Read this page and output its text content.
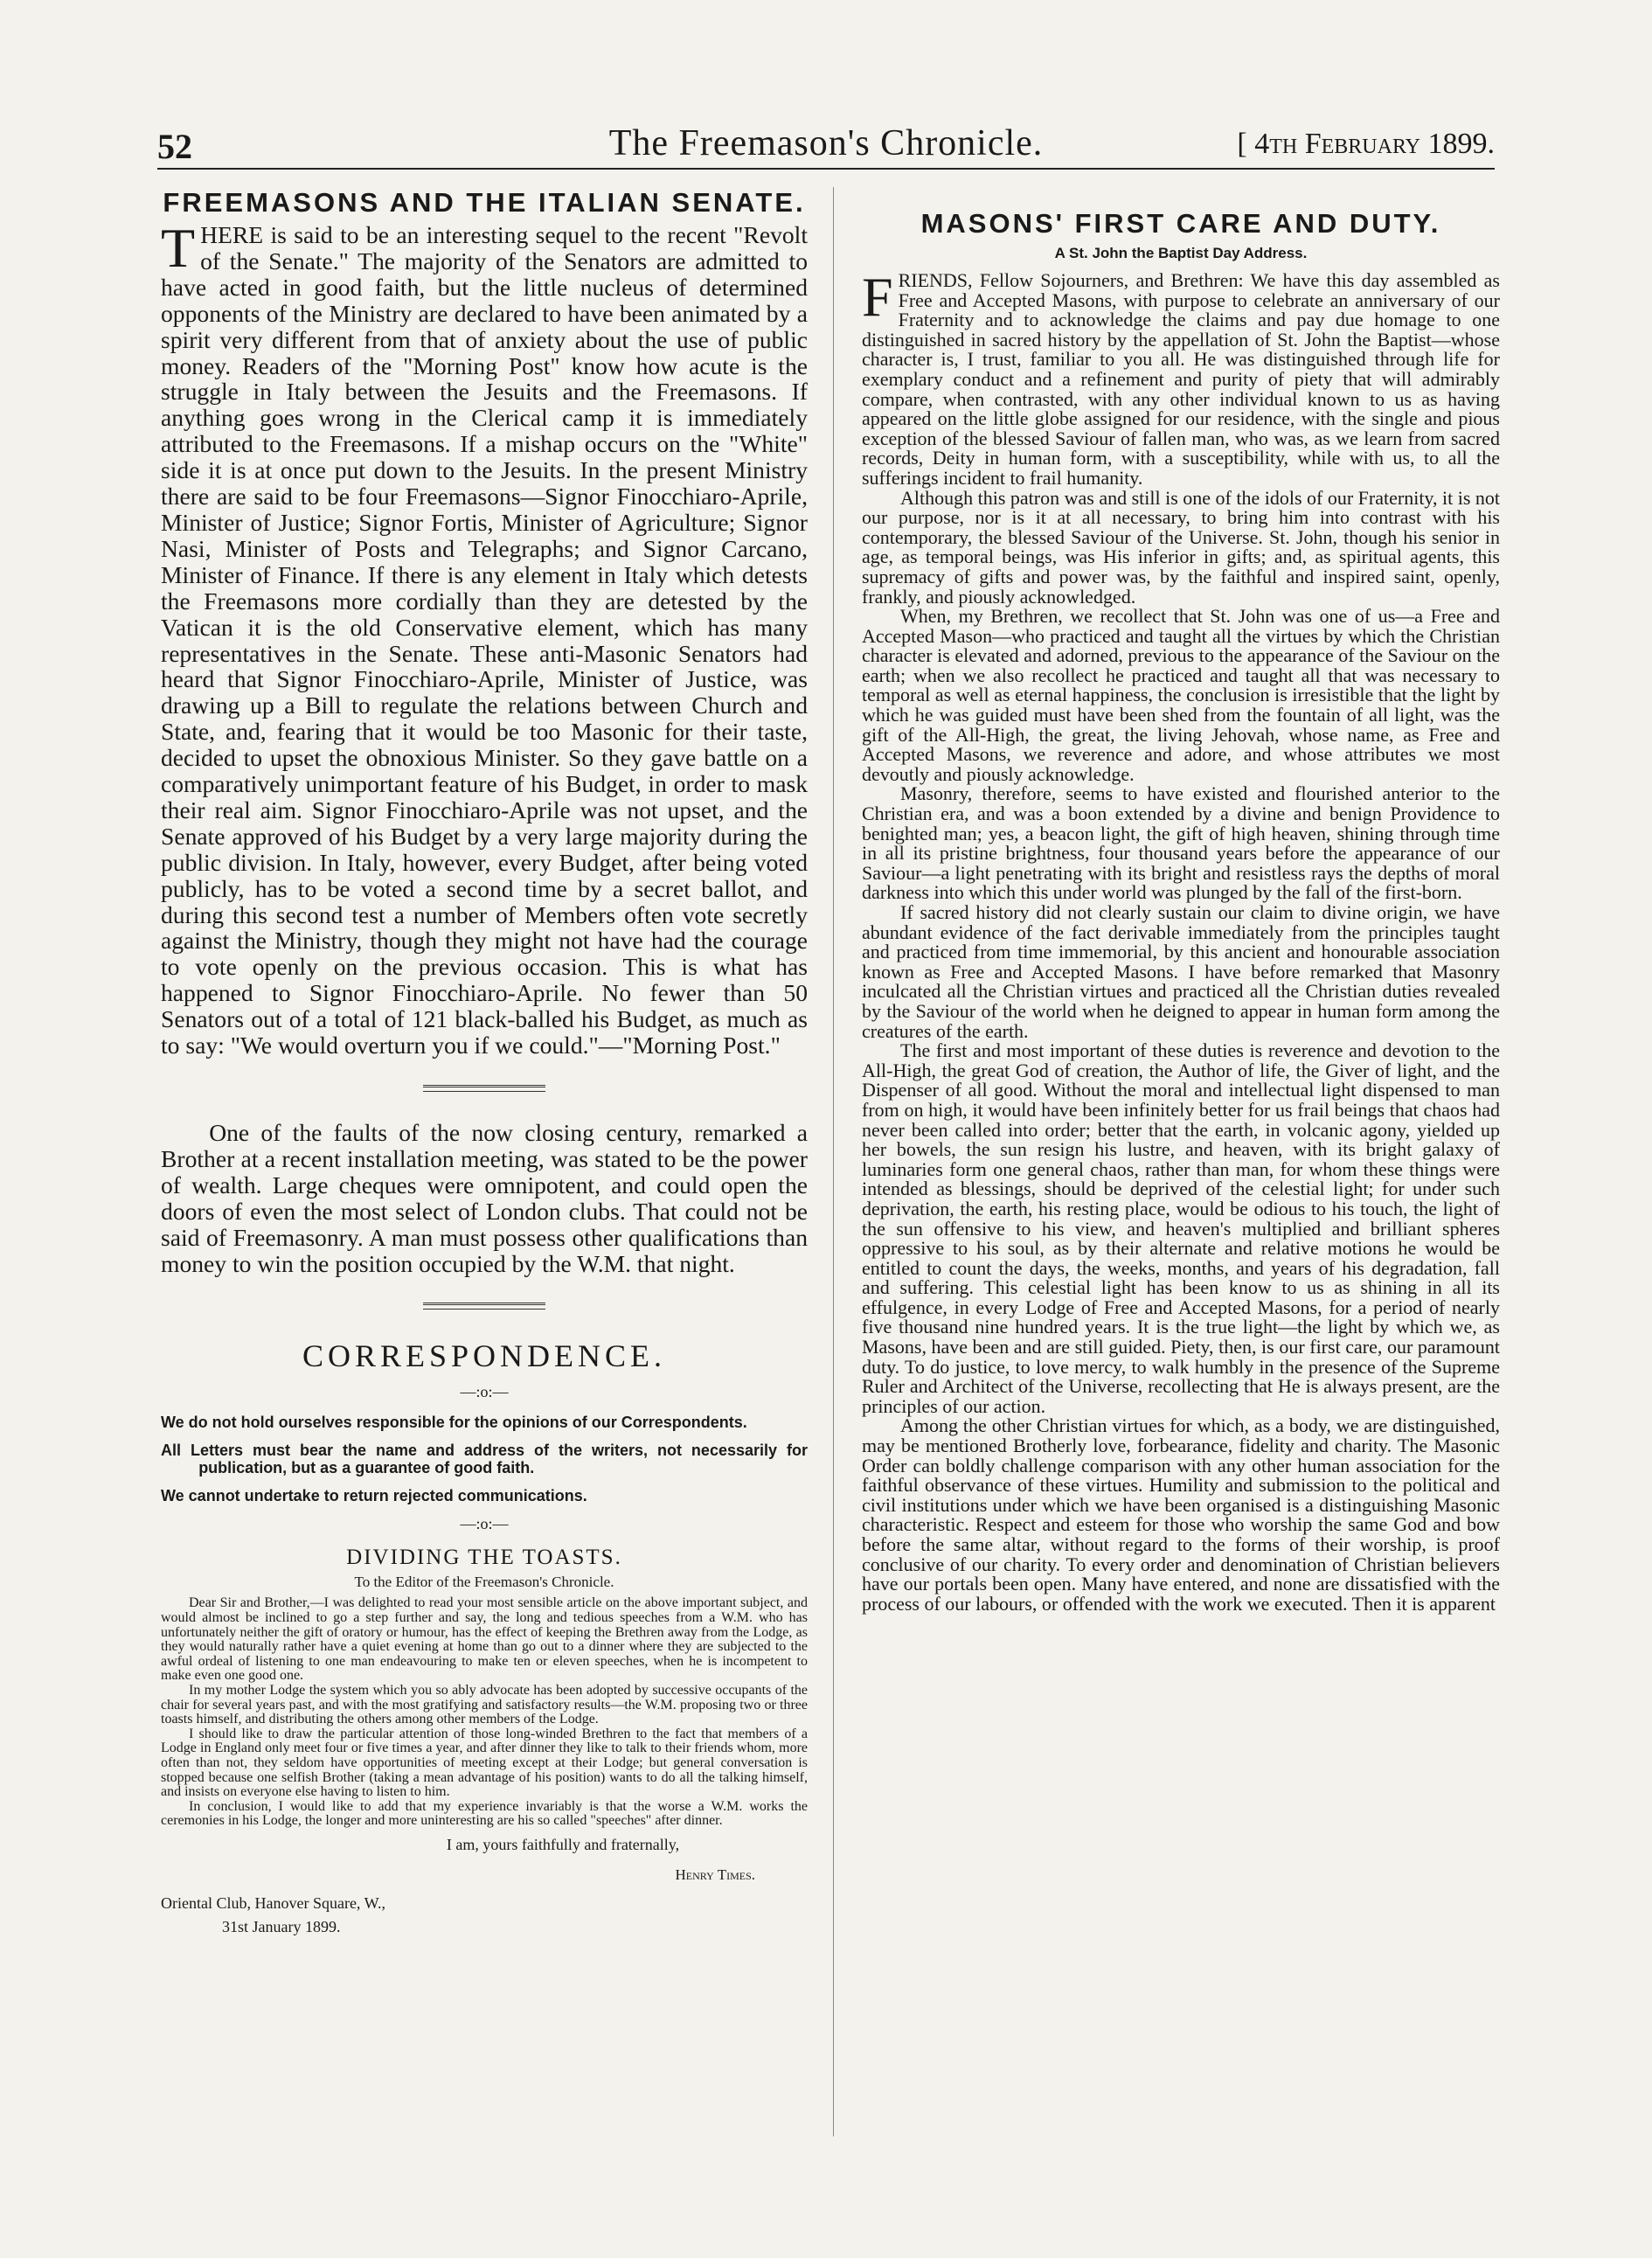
52	The Freemason's Chronicle.	[ 4th February 1899.
FREEMASONS AND THE ITALIAN SENATE.

THERE is said to be an interesting sequel to the recent "Revolt of the Senate." The majority of the Senators are admitted to have acted in good faith, but the little nucleus of determined opponents of the Ministry are declared to have been animated by a spirit very different from that of anxiety about the use of public money. Readers of the "Morning Post" know how acute is the struggle in Italy between the Jesuits and the Freemasons. If anything goes wrong in the Clerical camp it is immediately attributed to the Freemasons. If a mishap occurs on the "White" side it is at once put down to the Jesuits. In the present Ministry there are said to be four Freemasons—Signor Finocchiaro-Aprile, Minister of Justice; Signor Fortis, Minister of Agriculture; Signor Nasi, Minister of Posts and Telegraphs; and Signor Carcano, Minister of Finance. If there is any element in Italy which detests the Freemasons more cordially than they are detested by the Vatican it is the old Conservative element, which has many representatives in the Senate. These anti-Masonic Senators had heard that Signor Finocchiaro-Aprile, Minister of Justice, was drawing up a Bill to regulate the relations between Church and State, and, fearing that it would be too Masonic for their taste, decided to upset the obnoxious Minister. So they gave battle on a comparatively unimportant feature of his Budget, in order to mask their real aim. Signor Finocchiaro-Aprile was not upset, and the Senate approved of his Budget by a very large majority during the public division. In Italy, however, every Budget, after being voted publicly, has to be voted a second time by a secret ballot, and during this second test a number of Members often vote secretly against the Ministry, though they might not have had the courage to vote openly on the previous occasion. This is what has happened to Signor Finocchiaro-Aprile. No fewer than 50 Senators out of a total of 121 black-balled his Budget, as much as to say: "We would overturn you if we could."—"Morning Post."

One of the faults of the now closing century, remarked a Brother at a recent installation meeting, was stated to be the power of wealth. Large cheques were omnipotent, and could open the doors of even the most select of London clubs. That could not be said of Freemasonry. A man must possess other qualifications than money to win the position occupied by the W.M. that night.

CORRESPONDENCE.
—:o:—

We do not hold ourselves responsible for the opinions of our Correspondents.

All Letters must bear the name and address of the writers, not necessarily for publication, but as a guarantee of good faith.

We cannot undertake to return rejected communications.

—:o:—
DIVIDING THE TOASTS.
To the Editor of the Freemason's Chronicle.

Dear Sir and Brother,—I was delighted to read your most sensible article on the above important subject, and would almost be inclined to go a step further and say, the long and tedious speeches from a W.M. who has unfortunately neither the gift of oratory or humour, has the effect of keeping the Brethren away from the Lodge, as they would naturally rather have a quiet evening at home than go out to a dinner where they are subjected to the awful ordeal of listening to one man endeavouring to make ten or eleven speeches, when he is incompetent to make even one good one.

In my mother Lodge the system which you so ably advocate has been adopted by successive occupants of the chair for several years past, and with the most gratifying and satisfactory results—the W.M. proposing two or three toasts himself, and distributing the others among other members of the Lodge.

I should like to draw the particular attention of those long-winded Brethren to the fact that members of a Lodge in England only meet four or five times a year, and after dinner they like to talk to their friends whom, more often than not, they seldom have opportunities of meeting except at their Lodge; but general conversation is stopped because one selfish Brother (taking a mean advantage of his position) wants to do all the talking himself, and insists on everyone else having to listen to him.

In conclusion, I would like to add that my experience invariably is that the worse a W.M. works the ceremonies in his Lodge, the longer and more uninteresting are his so called "speeches" after dinner.

I am, yours faithfully and fraternally,
Henry Times.
Oriental Club, Hanover Square, W.,
31st January 1899.
MASONS' FIRST CARE AND DUTY.
A St. John the Baptist Day Address.

FRIENDS, Fellow Sojourners, and Brethren: We have this day assembled as Free and Accepted Masons, with purpose to celebrate an anniversary of our Fraternity and to acknowledge the claims and pay due homage to one distinguished in sacred history by the appellation of St. John the Baptist—whose character is, I trust, familiar to you all. He was distinguished through life for exemplary conduct and a refinement and purity of piety that will admirably compare, when contrasted, with any other individual known to us as having appeared on the little globe assigned for our residence, with the single and pious exception of the blessed Saviour of fallen man, who was, as we learn from sacred records, Deity in human form, with a susceptibility, while with us, to all the sufferings incident to frail humanity.

Although this patron was and still is one of the idols of our Fraternity, it is not our purpose, nor is it at all necessary, to bring him into contrast with his contemporary, the blessed Saviour of the Universe. St. John, though his senior in age, as temporal beings, was His inferior in gifts; and, as spiritual agents, this supremacy of gifts and power was, by the faithful and inspired saint, openly, frankly, and piously acknowledged.

When, my Brethren, we recollect that St. John was one of us—a Free and Accepted Mason—who practiced and taught all the virtues by which the Christian character is elevated and adorned, previous to the appearance of the Saviour on the earth; when we also recollect he practiced and taught all that was necessary to temporal as well as eternal happiness, the conclusion is irresistible that the light by which he was guided must have been shed from the fountain of all light, was the gift of the All-High, the great, the living Jehovah, whose name, as Free and Accepted Masons, we reverence and adore, and whose attributes we most devoutly and piously acknowledge.

Masonry, therefore, seems to have existed and flourished anterior to the Christian era, and was a boon extended by a divine and benign Providence to benighted man; yes, a beacon light, the gift of high heaven, shining through time in all its pristine brightness, four thousand years before the appearance of our Saviour—a light penetrating with its bright and resistless rays the depths of moral darkness into which this under world was plunged by the fall of the first-born.

If sacred history did not clearly sustain our claim to divine origin, we have abundant evidence of the fact derivable immediately from the principles taught and practiced from time immemorial, by this ancient and honourable association known as Free and Accepted Masons. I have before remarked that Masonry inculcated all the Christian virtues and practiced all the Christian duties revealed by the Saviour of the world when he deigned to appear in human form among the creatures of the earth.

The first and most important of these duties is reverence and devotion to the All-High, the great God of creation, the Author of life, the Giver of light, and the Dispenser of all good. Without the moral and intellectual light dispensed to man from on high, it would have been infinitely better for us frail beings that chaos had never been called into order; better that the earth, in volcanic agony, yielded up her bowels, the sun resign his lustre, and heaven, with its bright galaxy of luminaries form one general chaos, rather than man, for whom these things were intended as blessings, should be deprived of the celestial light; for under such deprivation, the earth, his resting place, would be odious to his touch, the light of the sun offensive to his view, and heaven's multiplied and brilliant spheres oppressive to his soul, as by their alternate and relative motions he would be entitled to count the days, the weeks, months, and years of his degradation, fall and suffering. This celestial light has been know to us as shining in all its effulgence, in every Lodge of Free and Accepted Masons, for a period of nearly five thousand nine hundred years. It is the true light—the light by which we, as Masons, have been and are still guided. Piety, then, is our first care, our paramount duty. To do justice, to love mercy, to walk humbly in the presence of the Supreme Ruler and Architect of the Universe, recollecting that He is always present, are the principles of our action.

Among the other Christian virtues for which, as a body, we are distinguished, may be mentioned Brotherly love, forbearance, fidelity and charity. The Masonic Order can boldly challenge comparison with any other human association for the faithful observance of these virtues. Humility and submission to the political and civil institutions under which we have been organised is a distinguishing Masonic characteristic. Respect and esteem for those who worship the same God and bow before the same altar, without regard to the forms of their worship, is proof conclusive of our charity. To every order and denomination of Christian believers have our portals been open. Many have entered, and none are dissatisfied with the process of our labours, or offended with the work we executed. Then it is apparent
